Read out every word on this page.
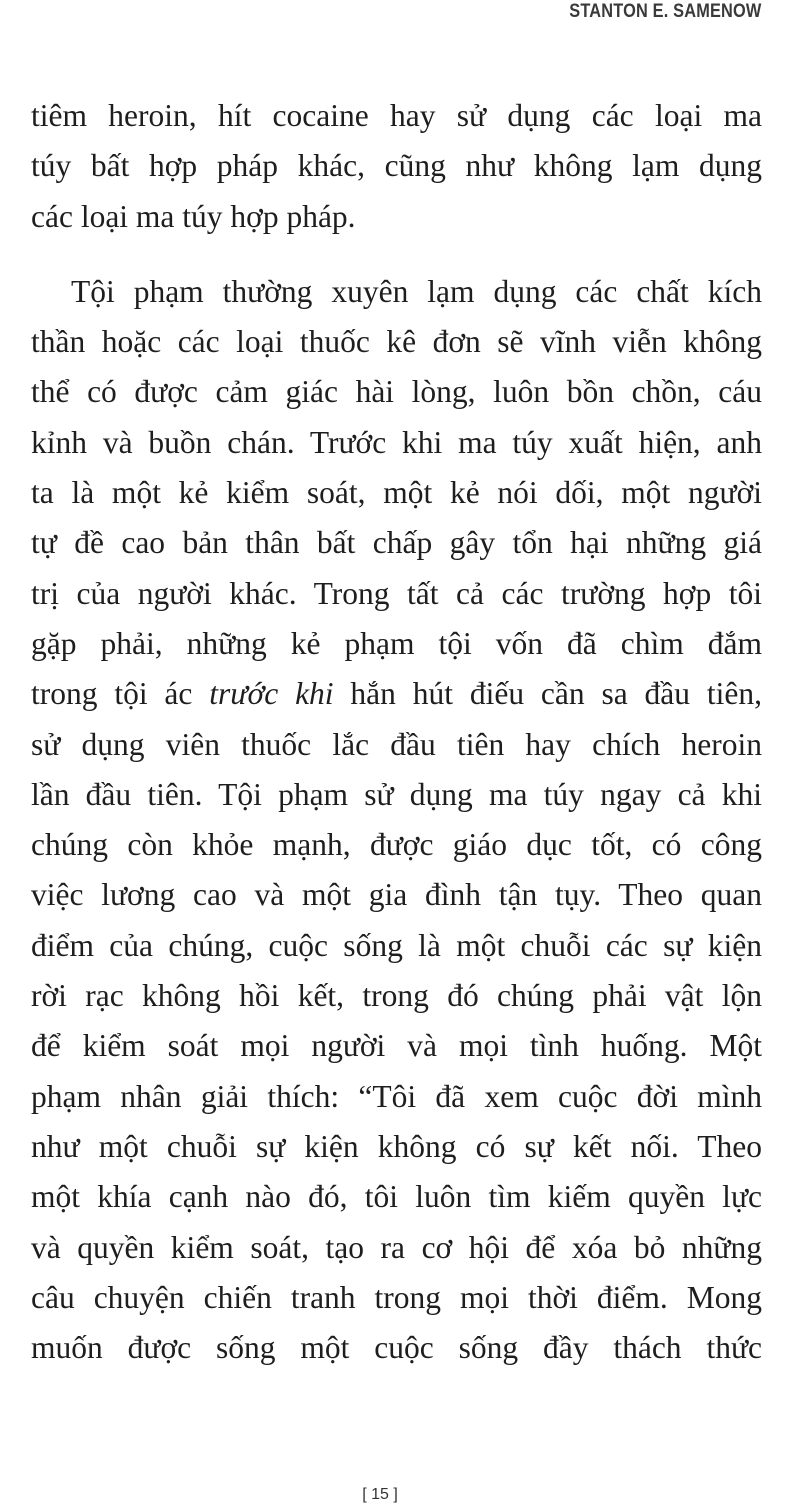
STANTON E. SAMENOW

tiêm heroin, hít cocaine hay sử dụng các loại ma
túy bất hợp pháp khác, cũng như không lạm dụng
các loại ma túy hợp pháp.

Tội phạm thường xuyên lạm dụng các chất kích
thần hoặc các loại thuốc kê đơn sẽ vĩnh viễn không
thể có được cảm giác hài lòng, luôn bồn chồn, cáu
kỉnh và buồn chán. Trước khi ma túy xuất hiện, anh
ta là một kẻ kiểm soát, một kẻ nói dối, một người
tự đề cao bản thân bất chấp gây tổn hại những giá
trị của người khác. Trong tất cả các trường hợp tôi
gặp phải, những kẻ phạm tội vốn đã chìm đắm
trong tội ác trước khi hắn hút điếu cần sa đầu tiên,
sử dụng viên thuốc lắc đầu tiên hay chích heroin
lần đầu tiên. Tội phạm sử dụng ma túy ngay cả khi
chúng còn khỏe mạnh, được giáo dục tốt, có công
việc lương cao và một gia đình tận tụy. Theo quan
điểm của chúng, cuộc sống là một chuỗi các sự kiện
rời rạc không hồi kết, trong đó chúng phải vật lộn
để kiểm soát mọi người và mọi tình huống. Một
phạm nhân giải thích: “Tôi đã xem cuộc đời mình
như một chuỗi sự kiện không có sự kết nối. Theo
một khía cạnh nào đó, tôi luôn tìm kiếm quyền lực
và quyền kiểm soát, tạo ra cơ hội để xóa bỏ những
câu chuyện chiến tranh trong mọi thời điểm. Mong
muốn được sống một cuộc sống đầy thách thức

[ 15 ]
